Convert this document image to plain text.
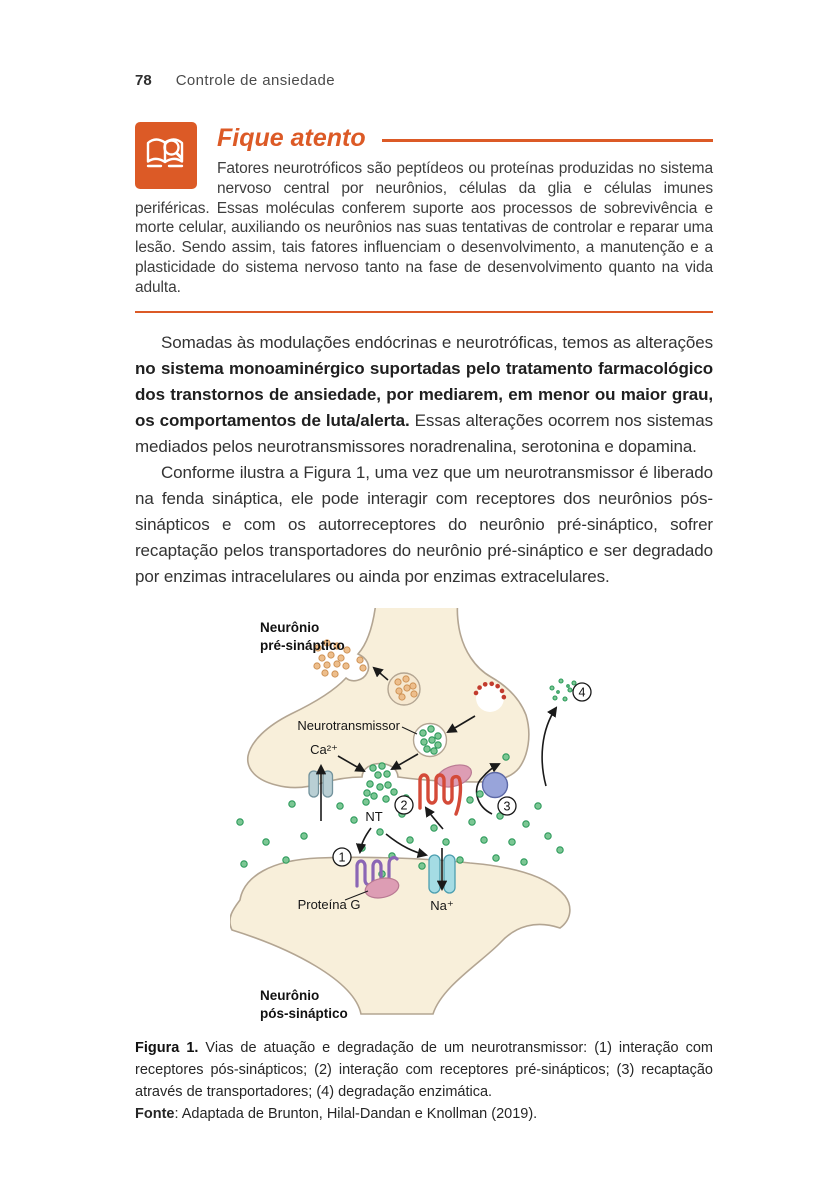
78 Controle de ansiedade
Fique atento

Fatores neurotróficos são peptídeos ou proteínas produzidas no sistema nervoso central por neurônios, células da glia e células imunes periféricas. Essas moléculas conferem suporte aos processos de sobrevivência e morte celular, auxiliando os neurônios nas suas tentativas de controlar e reparar uma lesão. Sendo assim, tais fatores influenciam o desenvolvimento, a manutenção e a plasticidade do sistema nervoso tanto na fase de desenvolvimento quanto na vida adulta.

Somadas às modulações endócrinas e neurotróficas, temos as alterações no sistema monoaminérgico suportadas pelo tratamento farmacológico dos transtornos de ansiedade, por mediarem, em menor ou maior grau, os comportamentos de luta/alerta. Essas alterações ocorrem nos sistemas mediados pelos neurotransmissores noradrenalina, serotonina e dopamina.

Conforme ilustra a Figura 1, uma vez que um neurotransmissor é liberado na fenda sináptica, ele pode interagir com receptores dos neurônios pós-sinápticos e com os autorreceptores do neurônio pré-sináptico, sofrer recaptação pelos transportadores do neurônio pré-sináptico e ser degradado por enzimas intracelulares ou ainda por enzimas extracelulares.

Neurotransmissor
Ca²⁺
NT
Proteína G	Na⁺
1
2	3
4
Neurônio
pré-sináptico
Neurônio
pós-sináptico

Figura 1. Vias de atuação e degradação de um neurotransmissor: (1) interação com receptores pós-sinápticos; (2) interação com receptores pré-sinápticos; (3) recaptação através de transportadores; (4) degradação enzimática.

Fonte: Adaptada de Brunton, Hilal-Dandan e Knollman (2019).
